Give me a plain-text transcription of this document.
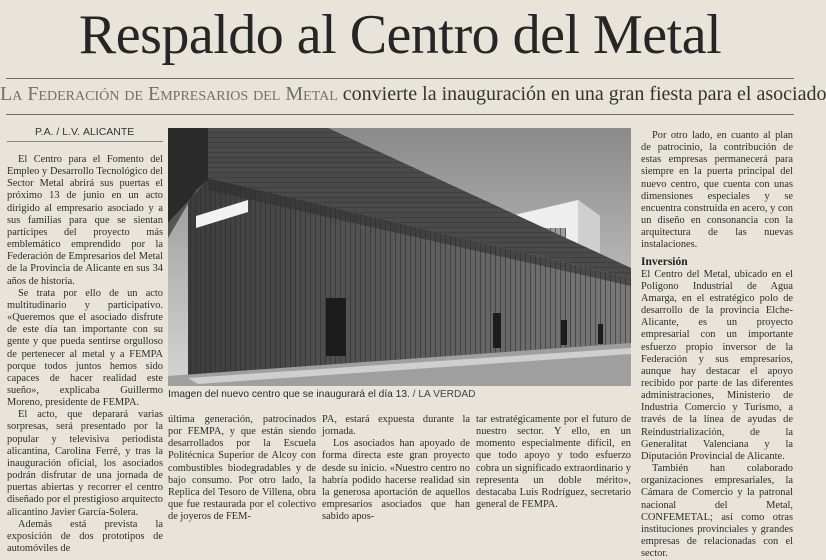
Respaldo al Centro del Metal
La Federación de Empresarios del Metal convierte la inauguración en una gran fiesta para el asociado
P.A. / L.V. ALICANTE

El Centro para el Fomento del Empleo y Desarrollo Tecnológico del Sector Metal abrirá sus puertas el próximo 13 de junio en un acto dirigido al empresario asociado y a sus familias para que se sientan partícipes del proyecto más emblemático emprendido por la Federación de Empresarios del Metal de la Provincia de Alicante en sus 34 años de historia.

Se trata por ello de un acto multitudinario y participativo. «Queremos que el asociado disfrute de este día tan importante con su gente y que pueda sentirse orgulloso de pertenecer al metal y a FEMPA porque todos juntos hemos sido capaces de hacer realidad este sueño», explicaba Guillermo Moreno, presidente de FEMPA.

El acto, que deparará varias sorpresas, será presentado por la popular y televisiva periodista alicantina, Carolina Ferré, y tras la inauguración oficial, los asociados podrán disfrutar de una jornada de puertas abiertas y recorrer el centro diseñado por el prestigioso arquitecto alicantino Javier García-Solera.

Además está prevista la exposición de dos prototipos de automóviles de

Imagen del nuevo centro que se inaugurará el día 13. / LA VERDAD

última generación, patrocinados por FEMPA, y que están siendo desarrollados por la Escuela Politécnica Superior de Alcoy con combustibles biodegradables y de bajo consumo. Por otro lado, la Replica del Tesoro de Villena, obra que fue restaurada por el colectivo de joyeros de FEM-

PA, estará expuesta durante la jornada.

Los asociados han apoyado de forma directa este gran proyecto desde su inicio. «Nuestro centro no habría podido hacerse realidad sin la generosa aportación de aquellos empresarios asociados que han sabido apos-

tar estratégicamente por el futuro de nuestro sector. Y ello, en un momento especialmente difícil, en que todo apoyo y todo esfuerzo cobra un significado extraordinario y representa un doble mérito», destacaba Luis Rodríguez, secretario general de FEMPA.

Por otro lado, en cuanto al plan de patrocinio, la contribución de estas empresas permanecerá para siempre en la puerta principal del nuevo centro, que cuenta con unas dimensiones especiales y se encuentra construida en acero, y con un diseño en consonancia con la arquitectura de las nuevas instalaciones.

Inversión

El Centro del Metal, ubicado en el Polígono Industrial de Agua Amarga, en el estratégico polo de desarrollo de la provincia Elche-Alicante, es un proyecto empresarial con un importante esfuerzo propio inversor de la Federación y sus empresarios, aunque hay destacar el apoyo recibido por parte de las diferentes administraciones, Ministerio de Industria Comercio y Turismo, a través de la línea de ayudas de Reindustrialización, de la Generalitat Valenciana y la Diputación Provincial de Alicante.

También han colaborado organizaciones empresariales, la Cámara de Comercio y la patronal nacional del Metal, CONFEMETAL; así como otras instituciones provinciales y grandes empresas de relacionadas con el sector.
